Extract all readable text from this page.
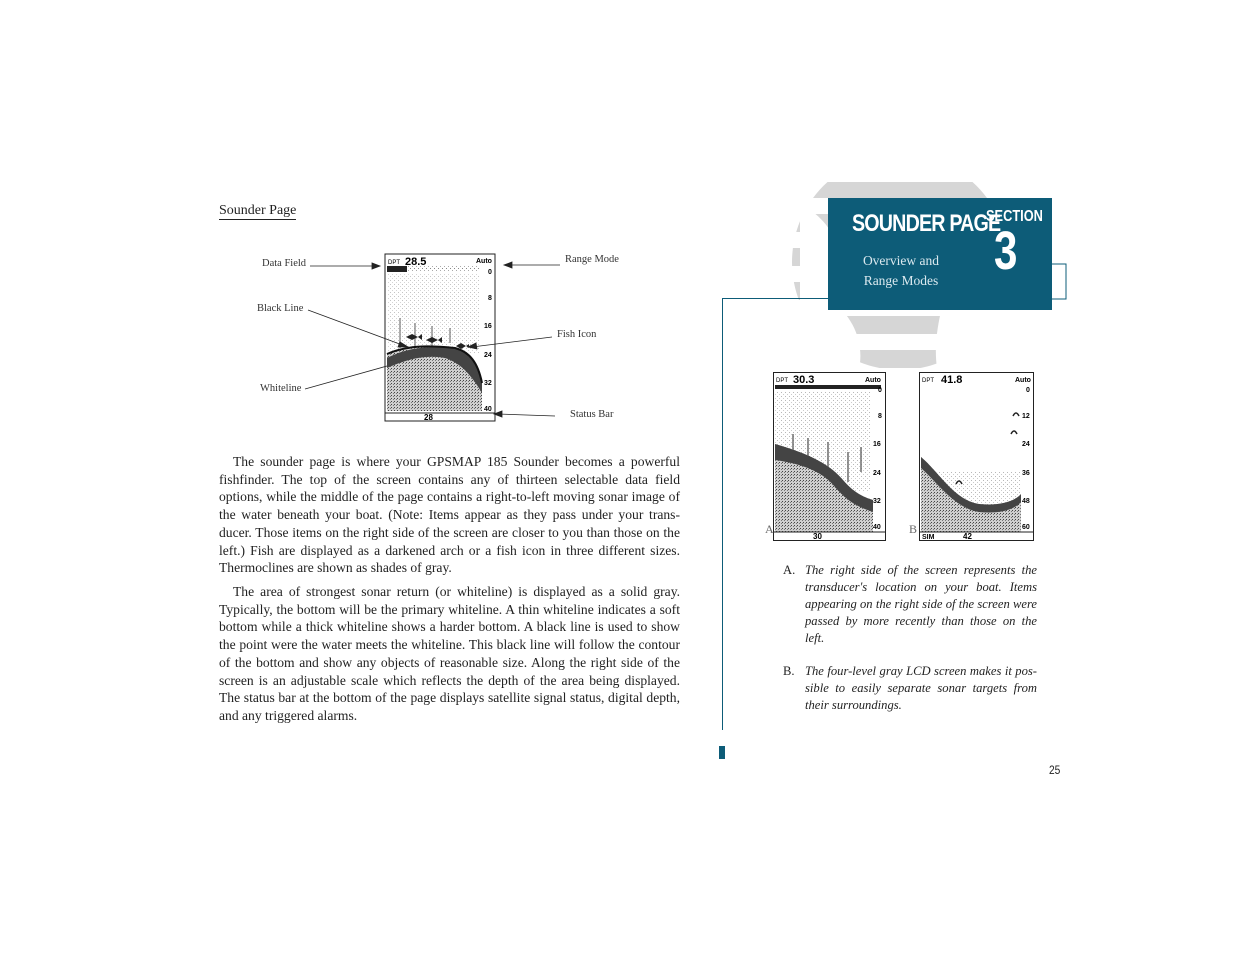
Sounder Page	SOUNDER PAGE
Overview and
Range Modes
SECTION
3
DPT 28.5	Auto
0
8
16
24
32
40
28
Data Field
Black Line
Whiteline
Range Mode
Fish Icon
Status Bar

The sounder page is where your GPSMAP 185 Sounder becomes a powerful fishfinder. The top of the screen contains any of thirteen selectable data field options, while the middle of the page contains a right-to-left moving sonar image of the water beneath your boat. (Note: Items appear as they pass under your trans-ducer. Those items on the right side of the screen are closer to you than those on the left.) Fish are displayed as a darkened arch or a fish icon in three different sizes. Thermoclines are shown as shades of gray.

The area of strongest sonar return (or whiteline) is displayed as a solid gray. Typically, the bottom will be the primary whiteline. A thin whiteline indicates a soft bottom while a thick whiteline shows a harder bottom. A black line is used to show the point were the water meets the whiteline. This black line will follow the contour of the bottom and show any objects of reasonable size. Along the right side of the screen is an adjustable scale which reflects the depth of the area being displayed. The status bar at the bottom of the page displays satellite signal status, digital depth, and any triggered alarms.

DPT 30.3	Auto
0
8
16
24
32
40
30
A
DPT 41.8	Auto
0
12
24
36
48
60
SIM	42
B
A. The right side of the screen represents the transducer's location on your boat. Items appearing on the right side of the screen were passed by more recently than those on the left.
B. The four-level gray LCD screen makes it pos-sible to easily separate sonar targets from their surroundings.
25
